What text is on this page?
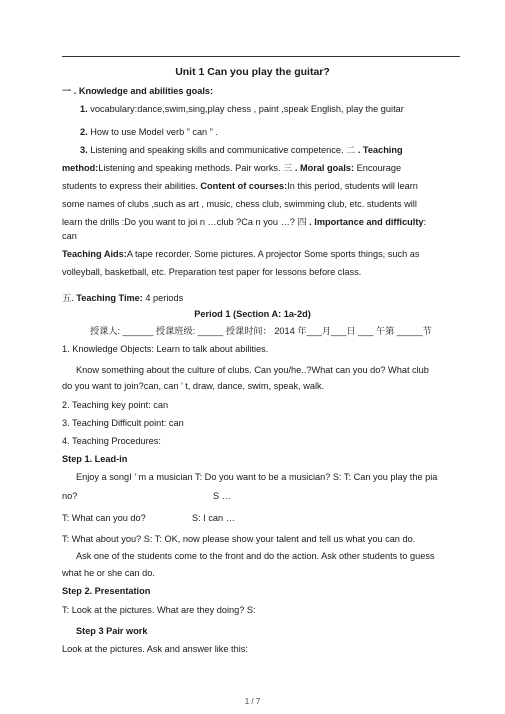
Unit 1 Can you play the guitar?
一 . Knowledge and abilities goals:
1. vocabulary:dance,swim,sing,play chess , paint ,speak English, play the guitar
2. How to use Model verb ” can ” .
3. Listening and speaking skills and communicative competence. 二 . Teaching
method:Listening and speaking methods. Pair works. 三 . Moral goals: Encourage
students to express their abilities. Content of courses:In this period, students will learn
some names of clubs ,such as art , music, chess club, swimming club, etc. students will
learn the drills :Do you want to joi n …club ?Ca n you …? 四 . Importance and difficulty:
can
Teaching Aids:A tape recorder. Some pictures. A projector Some sports things, such as
volleyball, basketball, etc. Preparation test paper for lessons before class.
五. Teaching Time: 4 periods
Period 1 (Section A: 1a-2d)
授课人: ______ 授课班级: _____ 授课时间： 2014 年___月___日 ___ 午第 _____节
1. Knowledge Objects: Learn to talk about abilities.
Know something about the culture of clubs. Can you/he..?What can you do? What club
do you want to join?can, can ’ t, draw, dance, swim, speak, walk.
2. Teaching key point: can
3. Teaching Difficult point: can
4. Teaching Procedures:
Step 1. Lead-in
Enjoy a songI ’ m a musician T: Do you want to be a musician? S: T: Can you play the pia
no?	S …
T: What can you do?	S: I can …
T: What about you? S: T: OK, now please show your talent and tell us what you can do.
Ask one of the students come to the front and do the action. Ask other students to guess
what he or she can do.
Step 2. Presentation
T: Look at the pictures. What are they doing? S:
Step 3 Pair work
Look at the pictures. Ask and answer like this:
1 / 7
